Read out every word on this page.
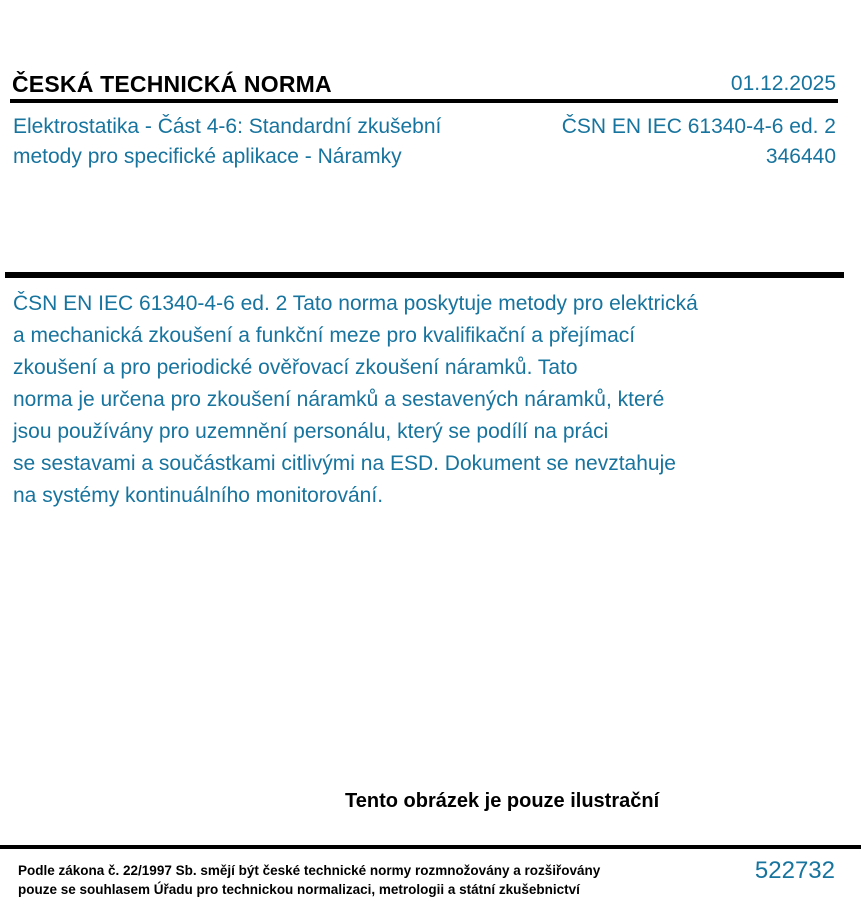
ČESKÁ TECHNICKÁ NORMA	01.12.2025
Elektrostatika - Část 4-6: Standardní zkušební
metody pro specifické aplikace - Náramky
ČSN EN IEC 61340-4-6 ed. 2
346440
ČSN EN IEC 61340-4-6 ed. 2 Tato norma poskytuje metody pro elektrická
a mechanická zkoušení a funkční meze pro kvalifikační a přejímací
zkoušení a pro periodické ověřovací zkoušení náramků. Tato
norma je určena pro zkoušení náramků a sestavených náramků, které
jsou používány pro uzemnění personálu, který se podílí na práci
se sestavami a součástkami citlivými na ESD. Dokument se nevztahuje
na systémy kontinuálního monitorování.
Tento obrázek je pouze ilustrační
Podle zákona č. 22/1997 Sb. smějí být české technické normy rozmnožovány a rozšiřovány
pouze se souhlasem Úřadu pro technickou normalizaci, metrologii a státní zkušebnictví
522732
